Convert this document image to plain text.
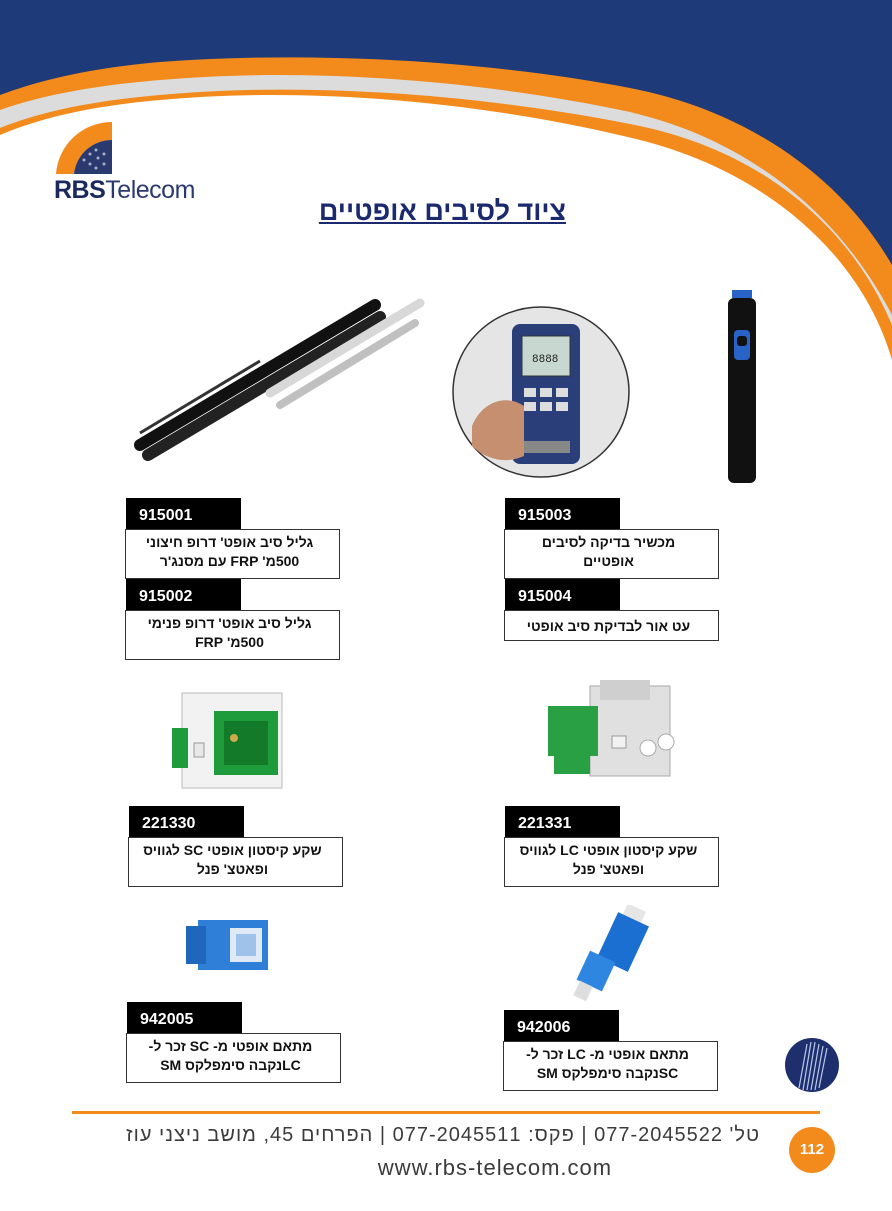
RBSTelecom
ציוד לסיבים אופטיים
8888
915001
גליל סיב אופט' דרופ חיצוני
500מ' FRP עם מסנג'ר
915002
גליל סיב אופט' דרופ פנימי
500מ' FRP
915003
מכשיר בדיקה לסיבים
אופטיים
915004
עט אור לבדיקת סיב אופטי
221330
שקע קיסטון אופטי SC לגוויס
ופאטצ' פנל
221331
שקע קיסטון אופטי LC לגוויס
ופאטצ' פנל
942005
מתאם אופטי מ- SC זכר ל-
LCנקבה סימפלקס SM
942006
מתאם אופטי מ- LC זכר ל-
SCנקבה סימפלקס SM
טל' 077-2045522 | פקס: 077-2045511 | הפרחים 45, מושב ניצני עוז
www.rbs-telecom.com
112
